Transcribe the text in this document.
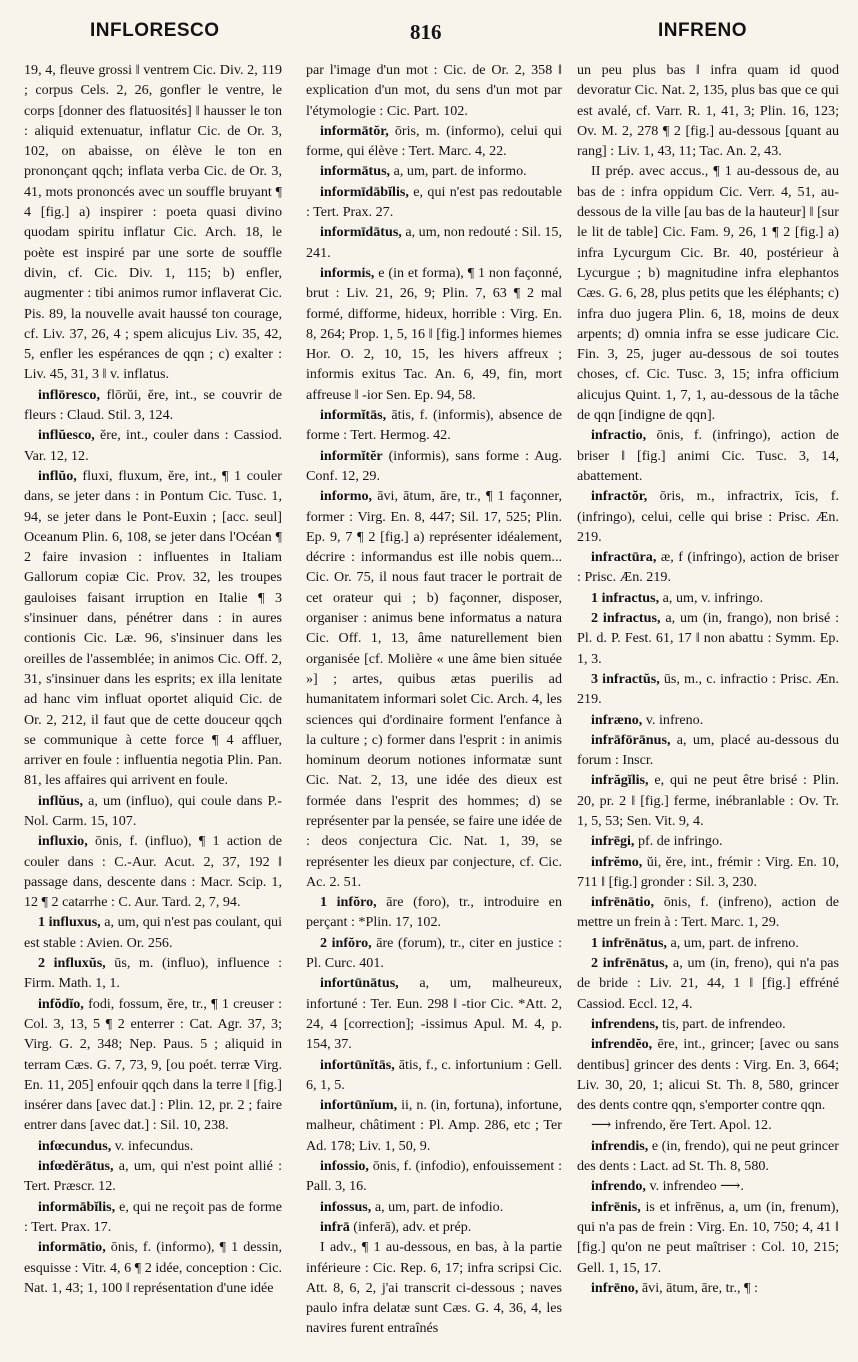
INFLORESCO	816	INFRENO

19, 4, fleuve grossi ‖ ventrem Cic. Div. 2, 119 ; corpus Cels. 2, 26, gonfler le ventre, le corps [donner des flatuosités] ‖ hausser le ton : aliquid extenuatur, inflatur Cic. de Or. 3, 102, on abaisse, on élève le ton en prononçant qqch; inflata verba Cic. de Or. 3, 41, mots prononcés avec un souffle bruyant ¶ 4 [fig.] a) inspirer : poeta quasi divino quodam spiritu inflatur Cic. Arch. 18, le poète est inspiré par une sorte de souffle divin, cf. Cic. Div. 1, 115; b) enfler, augmenter : tibi animos rumor inflaverat Cic. Pis. 89, la nouvelle avait haussé ton courage, cf. Liv. 37, 26, 4 ; spem alicujus Liv. 35, 42, 5, enfler les espérances de qqn ; c) exalter : Liv. 45, 31, 3 ‖ v. inflatus.

inflōresco, flōrŭi, ĕre, int., se couvrir de fleurs : Claud. Stil. 3, 124.

inflŭesco, ĕre, int., couler dans : Cassiod. Var. 12, 12.

inflŭo, fluxi, fluxum, ĕre, int., ¶ 1 couler dans, se jeter dans : in Pontum Cic. Tusc. 1, 94, se jeter dans le Pont-Euxin ; [acc. seul] Oceanum Plin. 6, 108, se jeter dans l'Océan ¶ 2 faire invasion : influentes in Italiam Gallorum copiæ Cic. Prov. 32, les troupes gauloises faisant irruption en Italie ¶ 3 s'insinuer dans, pénétrer dans : in aures contionis Cic. Læ. 96, s'insinuer dans les oreilles de l'assemblée; in animos Cic. Off. 2, 31, s'insinuer dans les esprits; ex illa lenitate ad hanc vim influat oportet aliquid Cic. de Or. 2, 212, il faut que de cette douceur qqch se communique à cette force ¶ 4 affluer, arriver en foule : influentia negotia Plin. Pan. 81, les affaires qui arrivent en foule.

inflŭus, a, um (influo), qui coule dans P.-Nol. Carm. 15, 107.

influxio, ōnis, f. (influo), ¶ 1 action de couler dans : C.-Aur. Acut. 2, 37, 192 ‖ passage dans, descente dans : Macr. Scip. 1, 12 ¶ 2 catarrhe : C. Aur. Tard. 2, 7, 94.

1 influxus, a, um, qui n'est pas coulant, qui est stable : Avien. Or. 256.

2 influxŭs, ūs, m. (influo), influence : Firm. Math. 1, 1.

infŏdĭo, fodi, fossum, ĕre, tr., ¶ 1 creuser : Col. 3, 13, 5 ¶ 2 enterrer : Cat. Agr. 37, 3; Virg. G. 2, 348; Nep. Paus. 5 ; aliquid in terram Cæs. G. 7, 73, 9, [ou poét. terræ Virg. En. 11, 205] enfouir qqch dans la terre ‖ [fig.] insérer dans [avec dat.] : Plin. 12, pr. 2 ; faire entrer dans [avec dat.] : Sil. 10, 238.

infœcundus, v. infecundus.

infœdĕrātus, a, um, qui n'est point allié : Tert. Præscr. 12.

informābĭlis, e, qui ne reçoit pas de forme : Tert. Prax. 17.

informātio, ōnis, f. (informo), ¶ 1 dessin, esquisse : Vitr. 4, 6 ¶ 2 idée, conception : Cic. Nat. 1, 43; 1, 100 ‖ représentation d'une idée

par l'image d'un mot : Cic. de Or. 2, 358 ‖ explication d'un mot, du sens d'un mot par l'étymologie : Cic. Part. 102.

informātŏr, ōris, m. (informo), celui qui forme, qui élève : Tert. Marc. 4, 22.

informātus, a, um, part. de informo.

informīdābĭlis, e, qui n'est pas redoutable : Tert. Prax. 27.

informīdātus, a, um, non redouté : Sil. 15, 241.

informis, e (in et forma), ¶ 1 non façonné, brut : Liv. 21, 26, 9; Plin. 7, 63 ¶ 2 mal formé, difforme, hideux, horrible : Virg. En. 8, 264; Prop. 1, 5, 16 ‖ [fig.] informes hiemes Hor. O. 2, 10, 15, les hivers affreux ; informis exitus Tac. An. 6, 49, fin, mort affreuse ‖ -ior Sen. Ep. 94, 58.

informĭtās, ātis, f. (informis), absence de forme : Tert. Hermog. 42.

informĭtĕr (informis), sans forme : Aug. Conf. 12, 29.

informo, āvi, ātum, āre, tr., ¶ 1 façonner, former : Virg. En. 8, 447; Sil. 17, 525; Plin. Ep. 9, 7 ¶ 2 [fig.] a) représenter idéalement, décrire : informandus est ille nobis quem... Cic. Or. 75, il nous faut tracer le portrait de cet orateur qui ; b) façonner, disposer, organiser : animus bene informatus a natura Cic. Off. 1, 13, âme naturellement bien organisée [cf. Molière « une âme bien située »] ; artes, quibus ætas puerilis ad humanitatem informari solet Cic. Arch. 4, les sciences qui d'ordinaire forment l'enfance à la culture ; c) former dans l'esprit : in animis hominum deorum notiones informatæ sunt Cic. Nat. 2, 13, une idée des dieux est formée dans l'esprit des hommes; d) se représenter par la pensée, se faire une idée de : deos conjectura Cic. Nat. 1, 39, se représenter les dieux par conjecture, cf. Cic. Ac. 2. 51.

1 infŏro, āre (foro), tr., introduire en perçant : *Plin. 17, 102.

2 infŏro, āre (forum), tr., citer en justice : Pl. Curc. 401.

infortūnātus, a, um, malheureux, infortuné : Ter. Eun. 298 ‖ -tior Cic. *Att. 2, 24, 4 [correction]; -issimus Apul. M. 4, p. 154, 37.

infortūnĭtās, ātis, f., c. infortunium : Gell. 6, 1, 5.

infortūnĭum, ii, n. (in, fortuna), infortune, malheur, châtiment : Pl. Amp. 286, etc ; Ter Ad. 178; Liv. 1, 50, 9.

infossio, ōnis, f. (infodio), enfouissement : Pall. 3, 16.

infossus, a, um, part. de infodio.

infrā (inferā), adv. et prép.

I adv., ¶ 1 au-dessous, en bas, à la partie inférieure : Cic. Rep. 6, 17; infra scripsi Cic. Att. 8, 6, 2, j'ai transcrit ci-dessous ; naves paulo infra delatæ sunt Cæs. G. 4, 36, 4, les navires furent entraînés

un peu plus bas ‖ infra quam id quod devoratur Cic. Nat. 2, 135, plus bas que ce qui est avalé, cf. Varr. R. 1, 41, 3; Plin. 16, 123; Ov. M. 2, 278 ¶ 2 [fig.] au-dessous [quant au rang] : Liv. 1, 43, 11; Tac. An. 2, 43.

II prép. avec accus., ¶ 1 au-dessous de, au bas de : infra oppidum Cic. Verr. 4, 51, au-dessous de la ville [au bas de la hauteur] ‖ [sur le lit de table] Cic. Fam. 9, 26, 1 ¶ 2 [fig.] a) infra Lycurgum Cic. Br. 40, postérieur à Lycurgue ; b) magnitudine infra elephantos Cæs. G. 6, 28, plus petits que les éléphants; c) infra duo jugera Plin. 6, 18, moins de deux arpents; d) omnia infra se esse judicare Cic. Fin. 3, 25, juger au-dessous de soi toutes choses, cf. Cic. Tusc. 3, 15; infra officium alicujus Quint. 1, 7, 1, au-dessous de la tâche de qqn [indigne de qqn].

infractio, ōnis, f. (infringo), action de briser ‖ [fig.] animi Cic. Tusc. 3, 14, abattement.

infractŏr, ōris, m., infractrix, īcis, f. (infringo), celui, celle qui brise : Prisc. Æn. 219.

infractūra, æ, f (infringo), action de briser : Prisc. Æn. 219.

1 infractus, a, um, v. infringo.

2 infractus, a, um (in, frango), non brisé : Pl. d. P. Fest. 61, 17 ‖ non abattu : Symm. Ep. 1, 3.

3 infractŭs, ūs, m., c. infractio : Prisc. Æn. 219.

infræno, v. infreno.

infrāfōrānus, a, um, placé au-dessous du forum : Inscr.

infrăgĭlis, e, qui ne peut être brisé : Plin. 20, pr. 2 ‖ [fig.] ferme, inébranlable : Ov. Tr. 1, 5, 53; Sen. Vit. 9, 4.

infrēgi, pf. de infringo.

infrĕmo, ŭi, ĕre, int., frémir : Virg. En. 10, 711 ‖ [fig.] gronder : Sil. 3, 230.

infrēnātio, ōnis, f. (infreno), action de mettre un frein à : Tert. Marc. 1, 29.

1 infrēnātus, a, um, part. de infreno.

2 infrēnātus, a, um (in, freno), qui n'a pas de bride : Liv. 21, 44, 1 ‖ [fig.] effréné Cassiod. Eccl. 12, 4.

infrendens, tis, part. de infrendeo.

infrendĕo, ēre, int., grincer; [avec ou sans dentibus] grincer des dents : Virg. En. 3, 664; Liv. 30, 20, 1; alicui St. Th. 8, 580, grincer des dents contre qqn, s'emporter contre qqn.

⟶ infrendo, ĕre Tert. Apol. 12.

infrendis, e (in, frendo), qui ne peut grincer des dents : Lact. ad St. Th. 8, 580.

infrendo, v. infrendeo ⟶.

infrēnis, is et infrēnus, a, um (in, frenum), qui n'a pas de frein : Virg. En. 10, 750; 4, 41 ‖ [fig.] qu'on ne peut maîtriser : Col. 10, 215; Gell. 1, 15, 17.

infrēno, āvi, ātum, āre, tr., ¶ :
